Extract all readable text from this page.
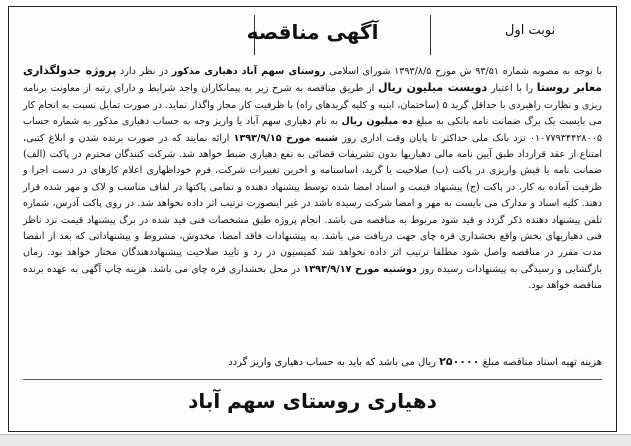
نوبت اول
آگهی مناقصه
با توجه به مصوبه شماره ۹۳/۵۱ ش مورخ ۱۳۹۳/۸/۵ شورای اسلامی روستای سهم آباد دهیاری مذکور در نظر دارد پروژه جدولگذاری معابر روستا را با اعتبار دویست میلیون ریال از طریق مناقصه به شرح زیر به پیمانکاران واجد شرایط و دارای رتبه از معاونت برنامه ریزی و نظارت راهبردی با حداقل گرید ۵ (ساختمان، ابنیه و کلیه گریدهای راه) با ظرفیت کار مجاز واگذار نماید. در صورت تمایل نسبت به انجام کار می بایست یک برگ ضمانت نامه بانکی به مبلغ ده میلیون ریال به نام دهیاری سهم آباد یا واریز وجه به حساب دهیاری مذکور به شماره حساب ۰۱۰۷۷۹۳۴۴۲۸۰۰۵ نزد بانک ملی حداکثر تا پایان وقت اداری روز شنبه مورخ ۱۳۹۳/۹/۱۵ ارائه نمایند که در صورت برنده شدن و ابلاغ کتبی، امتناع از عقد قرارداد طبق آیین نامه مالی دهیاریها بدون تشریفات قضائی به نفع دهیاری ضبط خواهد شد. شرکت کنندگان محترم در پاکت (الف) ضمانت نامه یا فیش واریزی در پاکت (ب) صلاحیت یا گرید، اساسنامه و اخرین تغییرات شرکت، فرم خوداظهاری اعلام کارهای در دست اجرا و ظرفیت آماده به کار، در پاکت (ج) پیشنهاد قیمت و اسناد امضا شده توسط پیشنهاد دهنده و تمامی پاکتها در لفاف مناسب و لاک و مهر شده قرار دهند. کلیه اسناد و مدارک می بایست به مهر و امضا شرکت رسیده باشد در غیر اینصورت ترتیب اثر داده نخواهد شد. در روی پاکت آدرس، شماره تلفن پیشنهاد دهنده ذکر گردد و قید شود مربوط به مناقصه می باشد. انجام پروژه طبق مشخصات فنی قید شده در برگ پیشنهاد قیمت نزد ناظر فنی دهیاریهای بخش واقع بخشداری قره چای جهت دریافت می باشد. به پیشنهادات فاقد امضا، مخدوش، مشروط و پیشنهاداتی که بعد از انقضا مدت مقرر در مناقصه واصل شود مطلقا ترتیب اثر داده نخواهد شد کمیسیون در رد و تایید صلاحیت پیشنهاددهندگان مختار خواهد بود. زمان بازگشایی و رسیدگی به پیشنهادات رسیده روز دوشنبه مورخ ۱۳۹۳/۹/۱۷ در محل بخشداری قره چای می باشد. هزینه چاپ آگهی به عهده برنده مناقصه خواهد بود.
هزینه تهیه اسناد مناقصه مبلغ ۲۵۰۰۰۰ ریال می باشد که باید به حساب دهیاری واریز گردد
دهیاری روستای سهم آباد
